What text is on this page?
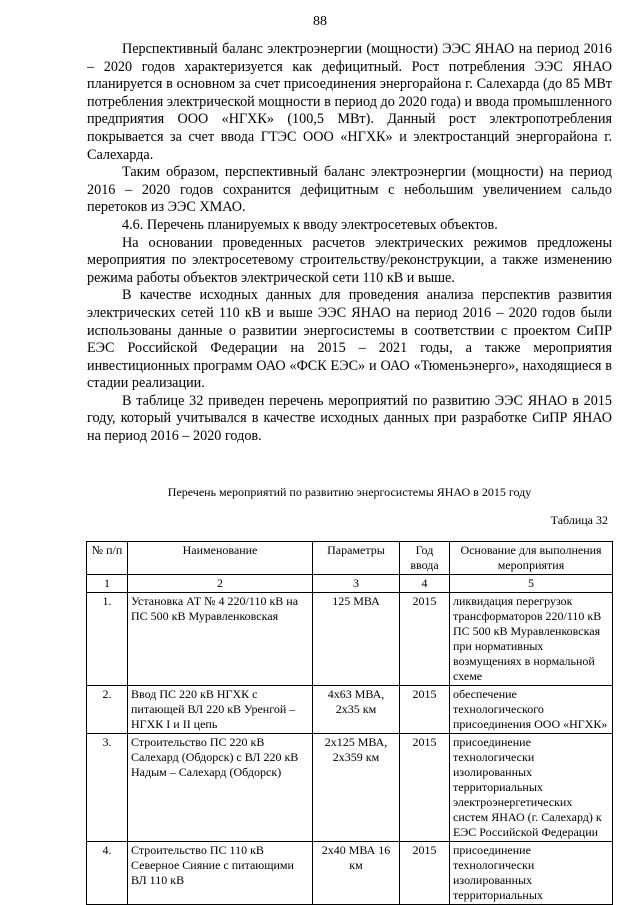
88

Перспективный баланс электроэнергии (мощности) ЭЭС ЯНАО на период 2016 – 2020 годов характеризуется как дефицитный. Рост потребления ЭЭС ЯНАО планируется в основном за счет присоединения энергорайона г. Салехарда (до 85 МВт потребления электрической мощности в период до 2020 года) и ввода промышленного предприятия ООО «НГХК» (100,5 МВт). Данный рост электропотребления покрывается за счет ввода ГТЭС ООО «НГХК» и электростанций энергорайона г. Салехарда.

Таким образом, перспективный баланс электроэнергии (мощности) на период 2016 – 2020 годов сохранится дефицитным с небольшим увеличением сальдо перетоков из ЭЭС ХМАО.

4.6. Перечень планируемых к вводу электросетевых объектов.

На основании проведенных расчетов электрических режимов предложены мероприятия по электросетевому строительству/реконструкции, а также изменению режима работы объектов электрической сети 110 кВ и выше.

В качестве исходных данных для проведения анализа перспектив развития электрических сетей 110 кВ и выше ЭЭС ЯНАО на период 2016 – 2020 годов были использованы данные о развитии энергосистемы в соответствии с проектом СиПР ЕЭС Российской Федерации на 2015 – 2021 годы, а также мероприятия инвестиционных программ ОАО «ФСК ЕЭС» и ОАО «Тюменьэнерго», находящиеся в стадии реализации.

В таблице 32 приведен перечень мероприятий по развитию ЭЭС ЯНАО в 2015 году, который учитывался в качестве исходных данных при разработке СиПР ЯНАО на период 2016 – 2020 годов.

Перечень мероприятий по развитию энергосистемы ЯНАО в 2015 году
Таблица 32
№ п/п	Наименование	Параметры	Год ввода	Основание для выполнения мероприятия
1	2	3	4	5
1.	Установка АТ № 4 220/110 кВ на ПС 500 кВ Муравленковская	125 МВА	2015	ликвидация перегрузок трансформаторов 220/110 кВ ПС 500 кВ Муравленковская при нормативных возмущениях в нормальной схеме
2.	Ввод ПС 220 кВ НГХК с питающей ВЛ 220 кВ Уренгой – НГХК I и II цепь	4х63 МВА, 2х35 км	2015	обеспечение технологического присоединения ООО «НГХК»
3.	Строительство ПС 220 кВ Салехард (Обдорск) с ВЛ 220 кВ Надым – Салехард (Обдорск)	2х125 МВА, 2х359 км	2015	присоединение технологически изолированных территориальных электроэнергетических систем ЯНАО (г. Салехард) к ЕЭС Российской Федерации
4.	Строительство ПС 110 кВ Северное Сияние с питающими ВЛ 110 кВ	2х40 МВА 16 км	2015	присоединение технологически изолированных территориальных
